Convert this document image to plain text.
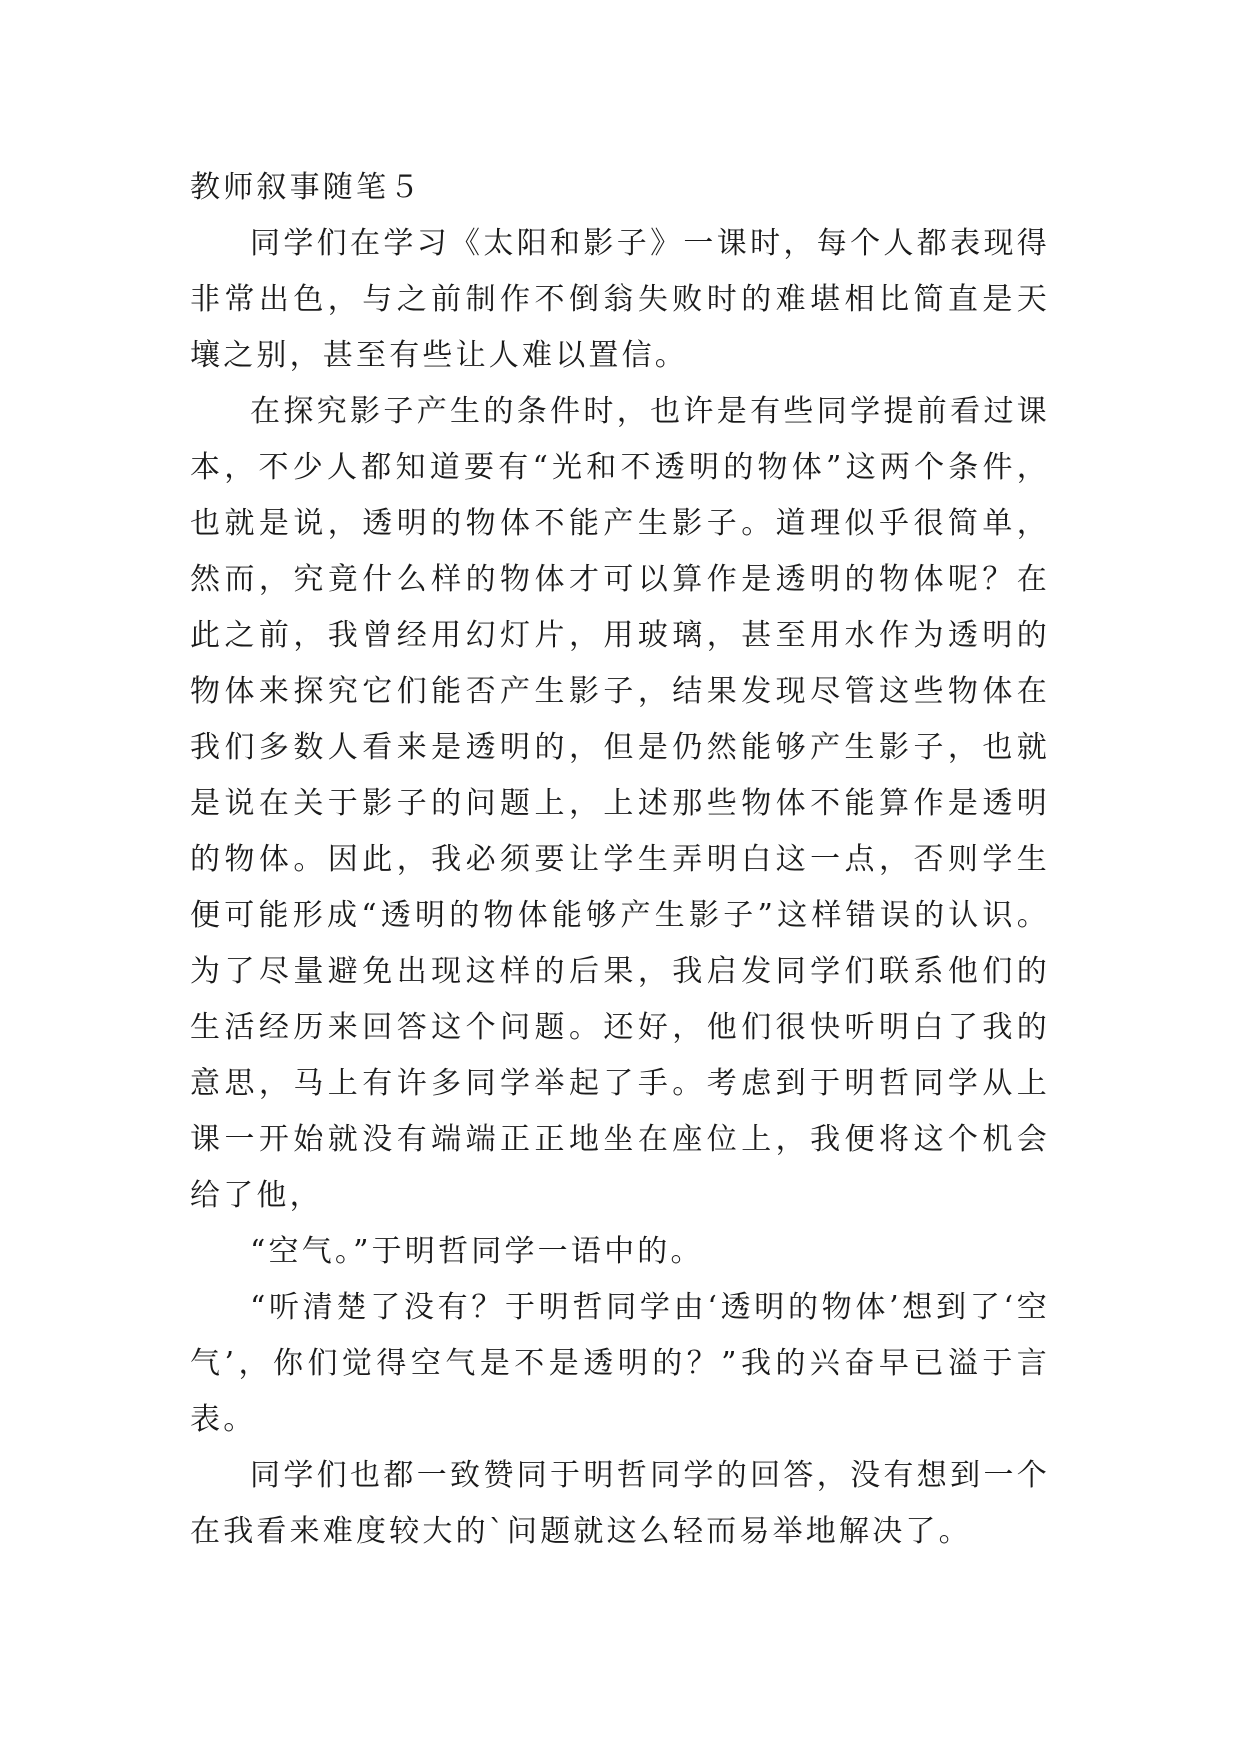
教师叙事随笔５

同学们在学习《太阳和影子》一课时，每个人都表现得非常出色，与之前制作不倒翁失败时的难堪相比简直是天壤之别，甚至有些让人难以置信。

在探究影子产生的条件时，也许是有些同学提前看过课本，不少人都知道要有“光和不透明的物体”这两个条件，也就是说，透明的物体不能产生影子。道理似乎很简单，然而，究竟什么样的物体才可以算作是透明的物体呢？在此之前，我曾经用幻灯片，用玻璃，甚至用水作为透明的物体来探究它们能否产生影子，结果发现尽管这些物体在我们多数人看来是透明的，但是仍然能够产生影子，也就是说在关于影子的问题上，上述那些物体不能算作是透明的物体。因此，我必须要让学生弄明白这一点，否则学生便可能形成“透明的物体能够产生影子”这样错误的认识。为了尽量避免出现这样的后果，我启发同学们联系他们的生活经历来回答这个问题。还好，他们很快听明白了我的意思，马上有许多同学举起了手。考虑到于明哲同学从上课一开始就没有端端正正地坐在座位上，我便将这个机会给了他，

“空气。”于明哲同学一语中的。

“听清楚了没有？于明哲同学由‘透明的物体’想到了‘空气’，你们觉得空气是不是透明的？”我的兴奋早已溢于言表。

同学们也都一致赞同于明哲同学的回答，没有想到一个在我看来难度较大的`问题就这么轻而易举地解决了。
